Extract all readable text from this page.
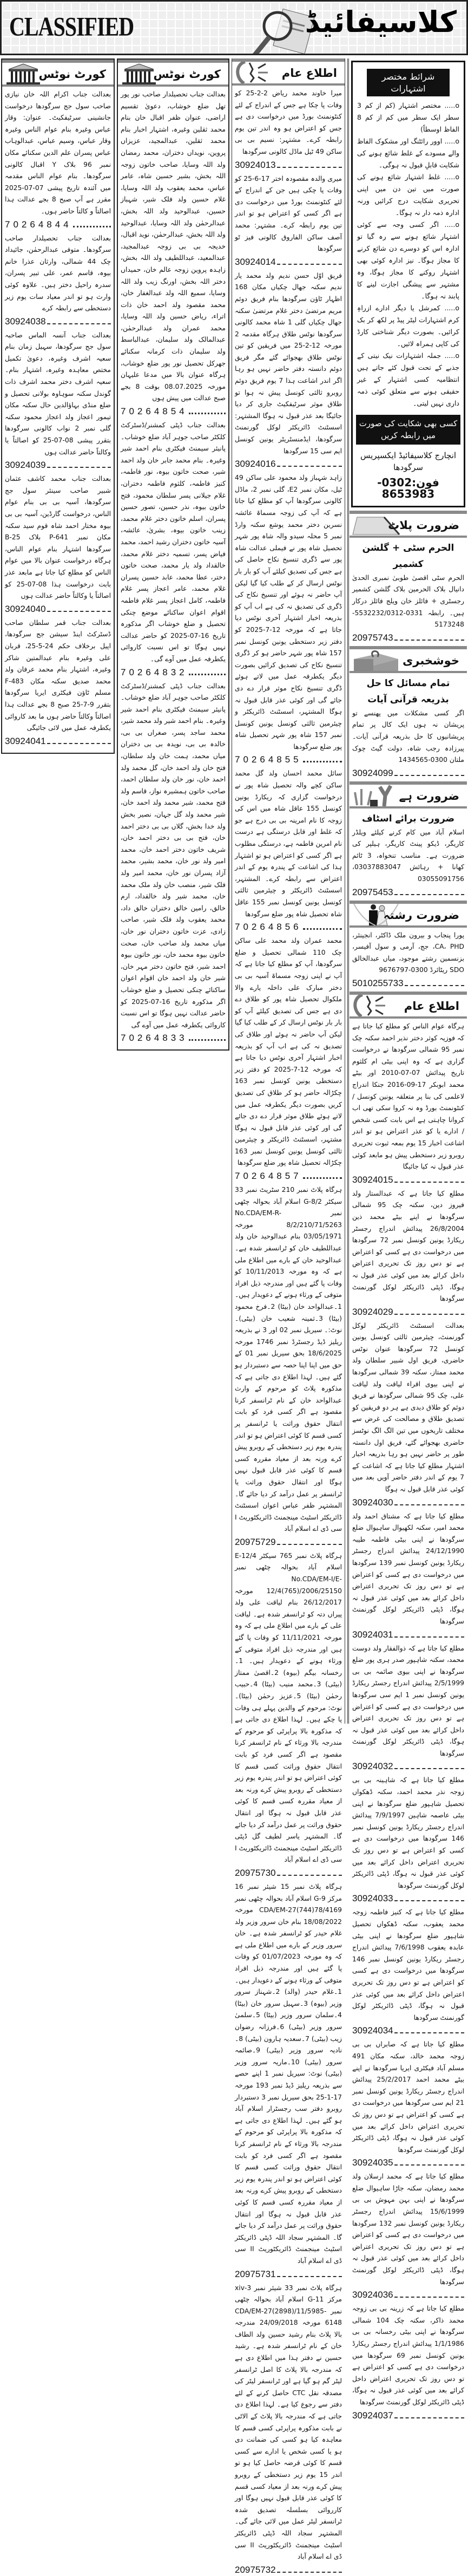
CLASSIFIED	کلاسیفائیڈ
کورٹ نوٹس

بعدالت جناب اکرام اللہ خان نیازی صاحب سول جج سرگودھا درخواست جانشینی سرٹیفکیٹ۔ عنوان: وقار عباس وغیرہ بنام عوام الناس وغیرہ وقار عباس، وسیم عباس، عبدالوہاب عباس پسران علم الدین سکنائے مکان نمبر 96 بلاک Y اقبال کالونی سرگودھا۔ بنام عوام الناس مقدمہ میں آئندہ تاریخ پیشی 07-07-2025 مقرر ہے آپ صبح 8 بجے عدالت ہذا اصالتاً و کالتاً حاضر ہوں۔

70264844

بعدالت جناب تحصیلدار صاحب سرگودھا۔ متوفی عبدالرحمٰن، جائیداد چک 44 شمالی، وارثان عذرا خانم بیوہ، قاسم عمر، علی تبیر پسران، سدرہ راحیل دختر ہیں۔ علاوہ کوئی وارث ہو تو اندر معیاد سات یوم زیر دستخطی سے رابطہ کرے

30924038

بعدالت جناب آنسہ الماس صاحبہ سول جج سرگودھا، سہیل زمان بنام سعیہ اشرف وغیرہ، دعویٰ تکمیل مختص معاہدہ وغیرہ، اشتہار بنام۔ سعیہ اشرف دختر محمد اشرف ذات گوندل سکنہ سوہاوہ بولانی تحصیل و ضلع منڈی بہاؤالدین حال سکنہ مکان تیمور اعجاز ولد اعجاز محمود سکنہ گلی نمبر 2 نواب کالونی سرگودھا بتقرر پیشی 08-07-25 کو اصالتاً یا وکالتاً حاضر عدالت ہوں

30924039

بعدالت جناب محمد کاشف عثمان شبیر صاحب سینئر سول جج سرگودھا، آسیہ بی بی بنام عوام الناس، درخواست گارڈین، آسیہ بی بی بیوہ مختار احمد شاہ قوم سید سکنہ مکان نمبر P-641 بلاک B-25 سرگودھا اشتہار بنام عوام الناس، ہرگاہ درخواست عنوان بالا میں عوام الناس کو مطلع کیا جاتا ہے مابعد عذر بابت درخواست ہذا 08-07-25 کو اصالتاً یا وکالتاً حاضر عدالت ہوں

30924040

بعدالت جناب قمر سلطان صاحب ڈسٹرکٹ اینڈ سیشن جج سرگودھا، اپیل برخلاف حکم 24-5-25، قربان علی وغیرہ بنام عبدالمتین شاکر وغیرہ، اشتہار بنام محمد عرفان ولد محمد صدیق سکنہ مکان F-483 مسلم ٹاؤن فیکٹری ایریا سرگودھا بتقرر 9-7-25 صبح 8 بجے عدالت ہذا اصالتاً وکالتاً حاضر ہوں ما بعد کاروائی یکطرفہ عمل میں لائی جائیگی

30924041
کورٹ نوٹس

بعدالت جناب تحصیلدار صاحب نور پور تھل ضلع خوشاب، دعویٰ تقسیم اراضی، عنوان ظفر اقبال خان بنام محمد ثقلین وغیرہ، اشتہار اخبار بنام محمد ثقلین، عبدالمجید، عزیزاں پروین، نویداں دختران، محمد رمضان ولد اللہ وسایا، صاحب خاتون زوجہ اللہ بخش، بشیر حسین شاہ، عامر عباس، محمد یعقوب ولد اللہ وسایا، غلام حسین ولد فلک شیر، شہباز حسین، عبدالوحید ولد اللہ بخش، عبدالرحمٰن ولد اللہ وسایا، عبدالوحید ولد اللہ بخش، عبدالرحمٰن، نوید اقبال، خدیجہ بی بی زوجہ عبدالمجید، عبدالمعید، عبداللطیف ولد اللہ بخش، زاہدہ پروین زوجہ عالم خان، حمیداں دختر اللہ بخش، اورنگ زیب ولد اللہ وسایا، سمیع اللہ ولد عبدالغفار خان، محمد مقصود ولد احمد خان ذات اتراء، ریاض حسین ولد اللہ وسایا، محمد عمران ولد عبدالرحمٰن، عبدالمالک ولد سلیمان، عبدالباسط ولد سلیمان ذات کرمانہ سکنائے جھرکل تحصیل نور پور ضلع خوشاب، ہرگاہ عنوان بالا میں مدعا علیہان مورخہ 08.07.2025 بوقت 8 بجے صبح عدالت میں پیش ہوں

70264854

بعدالت جناب ڈپٹی کمشنر/ڈسٹرکٹ کلکٹر صاحب جوہر آباد ضلع خوشاب۔ پانیئر سیمنٹ فیکٹری بنام احمد شیر وغیرہ۔ بنام محمد جابر خان ولد احمد شیر، صحت خاتون بیوہ، نور فاطمہ، کنیز فاطمہ، کلثوم فاطمہ دختران، غلام جیلانی پسر سلطان محمود، فتح خاتون بیوہ، نذر حسین، تصور حسین پسران، اسلم خاتون دختر غلام محمد، زینب خاتون بیوہ، بشریٰ، عائشہ، آسیہ خاتون دختران رشید احمد، محمد فیاض پسر، تسمیہ دختر غلام محمد، خالقداد ولد یار محمد، صحت خاتون دختر، عطا محمد، عابد حسین پسران غلام محمد، عامر اعجاز پسر غلام فاطمہ، کامل اعجاز پسر غلام فاطمہ اقوام اعوان ساکنائے موضع چنکی تحصیل و ضلع خوشاب اگر مذکورہ تاریخ 16-07-2025 کو حاضر عدالت نہیں ہوگا تو اس نسبت کاروائی یکطرفہ عمل میں آوے گی۔

70264832

بعدالت جناب ڈپٹی کمشنر/ڈسٹرکٹ کلکٹر صاحب جوہر آباد ضلع خوشاب۔ پانیئر سیمنٹ فیکٹری بنام احمد شیر وغیرہ۔ بنام احمد شیر ولد محمد شیر، محمد ساجد پسر، صغراں بی بی، خالدہ بی بی، نویدہ بی بی دختران میاں محمد، ہمت خان ولد سلطان، فتح خان ولد احمد خان، گل محمد ولد احمد خان، نور خان ولد سلطان احمد، صاحب خاتون ہمشیرہ نواز، قاسم ولد فتح محمد، شیر محمد ولد احمد خان، شیر محمد ولد گل جہان، نصیر بخش ولد خدا بخش، گلاں بی بی دختر احمد خان، فتح بی بی دختر احمد خان، شریف خاتون دختر احمد خان، محمد امیر ولد نور خان، محمد بشیر، محمد آزاد پسران نور خان، محمد امیر ولد فلک شیر، منصب خان ولد ملک محمد خان، محمد شیر ولد خالقداد، ارم خالق، رامین خالق دختران خالق داد، محمد یعقوب ولد فلک شیر، صاحب زادی، عزت خاتون دختران نور خان، میاں محمد ولد صاحب خان، صحت خاتون بیوہ محمد خان، نور خاتون بیوہ احمد شیر، فتح خاتون دختر مہر خان، شیر خان ولد احمد خان اقوام اعوان ساکنائے چنکی تحصیل و ضلع خوشاب اگر مذکورہ تاریخ 16-07-2025 کو حاضر عدالت نہیں ہوگا تو اس نسبت کاروائی یکطرفہ عمل میں آوے گی

70264833
اطلاع عام

میرا خاوند محمد ریاض 2-2-25 کو وفات پا چکا ہے جس کے اندراج کے لئے کنٹونمنٹ بورڈ میں درخواست دی ہے جس کو اعتراض ہو وہ اندر تین یوم رابطہ کرے۔ مشتہر: نسیم بی بی ساکن 49 ٹیل ماڈل کالونی سرگودھا

30924013

میری والدہ مقصودہ اختر 17-6-25 کو وفات پا چکی ہیں جن کے اندراج کے لئے کنٹونمنٹ بورڈ میں درخواست دی ہے اگر کسی کو اعتراض ہو تو اندر تین یوم رابطہ کرے۔ مشتہر: محمد آصف ساکن الفاروق کالونی فیز ٹو سرگودھا

30924014

فریق اوّل حسن ندیم ولد محمد یار ندیم سکنہ جھال چکیاں مکان 168 اظہار ٹاؤن سرگودھا بنام فریق دوئم مریم مرتضیٰ دختر غلام مرتضیٰ سکنہ جھال چکیاں گلی 1 شاہ محمد کالونی سرگودھا نوٹس طلاق ہرگاہ مقدمہ 2 مورخہ 12-2-25 میں فریقین کو تین نوٹس طلاق بھجوائے گئے مگر فریق دوئم دانستہ دفتر حاضر نہیں ہو رہا اگر اندر اشاعت ہذا 7 یوم فریق دوئم روبرو ثالثی کونسل پیش نہ ہوا تو طلاق موثر سرٹیفکیٹ جاری کر دیا جائیگا بعد عذر قبول نہ ہوگا المشتہر: اسسٹنٹ ڈائریکٹر لوکل گورنمنٹ سرگودھا، ایڈمنسٹریٹر یونین کونسل ایم سی 15 سرگودھا

30924016

زاہد شہباز ولد محمود علی ساکن 49 ٹیل، مکان نمبر E2، گلی نمبر 2، ماڈل کالونی سرگودھا آپ کو مطلع کیا جاتا ہے کہ آپ کی زوجہ مسماۃ عائشہ نسرین دختر محمد یوشع سکنہ وارڈ نمبر 5 محلہ سیدو والہ شاہ پور شہر تحصیل شاہ پور نے فیملی عدالت شاہ پور سے ڈگری تنسیخ نکاح حاصل کی ہے جس کی تصدیق کیلئے آپ کو بار بار نوٹس ارسال کر کے طلب کیا گیا لیکن آپ حاضر نہ ہوئے اور تنسیخ نکاح کی ڈگری کی تصدیق نہ کی ہے اب آپ کو بذریعہ اخبار اشتہار آخری نوٹس دیا جاتا ہے کہ مورخہ 12-7-2025 کو دفتر زیر دستخطی یونین کونسل نمبر 157 شاہ پور شہر حاضر ہو کر ڈگری تنسیخ نکاح کی تصدیق کرائیں بصورت دیگر یکطرفہ عمل میں لاتے ہوئے ڈگری تنسیخ نکاح موثر قرار دے دی جائے گی اور کوئی عذر قابل قبول نہ ہوگا المشتہر، اسسٹنٹ ڈائریکٹر و چیئرمین ثالثی کونسل یونین کونسل نمبر 157 شاہ پور شہر تحصیل شاہ پور ضلع سرگودھا

70264855

سائل محمد احسان ولد گل محمد ساکن کچے والہ تحصیل شاہ پور نے درخواست گزاری کہ ریکارڈ یونین کونسل 155 عاقل شاہ میں اس کی زوجہ کا نام امرینہ بی بی درج ہے جو کہ غلط اور قابل درستگی ہے درست نام امرین فاطمہ ہے، درستگی مطلوب ہے اگر کسی کو اعتراض ہو تو اشتہار ہذا کی اشاعت کے پندرہ یوم کے اندر اعتراض سے رابطہ کرے۔ المشتہر، اسسٹنٹ ڈائریکٹر و چیئرمین ثالثی کونسل یونین کونسل نمبر 155 عاقل شاہ تحصیل شاہ پور ضلع سرگودھا

70264856

محمد عمران ولد محمد علی ساکن چک 110 شمالی تحصیل و ضلع سرگودھا، آپ کو مطلع کیا جاتا ہے کہ آپ نے اپنی زوجہ مسماۃ آسیہ بی بی دختر مبارک علی داخلہ یارے والا ملکوال تحصیل شاہ پور کو طلاق دے دی ہے جس کی تصدیق کیلئے آپ کو بار بار نوٹس ارسال کر کے طلب کیا گیا لیکن آپ حاضر نہ ہوئے اور طلاق کی تصدیق نہ کی ہے اب آپ کو بذریعہ اخبار اشتہار آخری نوٹس دیا جاتا ہے کہ مورخہ 12-7-2025 کو دفتر زیر دستخطی یونین کونسل نمبر 163 چکڑالہ حاضر ہو کر طلاق کی تصدیق کریں بصورت دیگر یکطرفہ عمل میں لاتے ہوئے طلاق موثر قرار دے دی جائے گی اور کوئی عذر قابل قبول نہ ہوگا مشتہر، اسسٹنٹ ڈائریکٹر و چیئرمین ثالثی کونسل یونین کونسل نمبر 163 چکڑالہ تحصیل شاہ پور ضلع سرگودھا

70264857

ہرگاہ پلاٹ نمبر 210 سٹریٹ نمبر 33 سیکٹر G-8/2 اسلام آباد بحوالہ چٹھی نمبر No.CDA/EM-R-8/2/210/71/5263 مورخہ 03/05/1971 بنام عبدالوحید خان ولد عبداللطیف خان کو ٹرانسفر شدہ ہے۔ عبدالوحید خان کے بارے میں اطلاع ملی ہے کہ وہ مورخہ 10/11/2013 کو وفات پا گئے ہیں اور مندرجہ ذیل افراد متوفی کے ورثاء ہونے کے دعویدار ہیں۔ 1۔عبدالواحد خان (بیٹا) 2۔فرخ محمود (بیٹا) 3۔ثمینہ شعیب خان (بیٹی)۔ نوٹ:۔ سیریل نمبر 02 اور 3 نے بذریعہ ریلیز ڈیڈ رجسٹرڈ نمبر 1746 مورخہ 18/6/2025 بحق سیریل نمبر 01 کے حق میں اپنا اپنا حصہ سے دستبردار ہو گئے ہیں۔ لہذا اطلاع دی جاتی ہے کہ مذکورہ پلاٹ کو مرحوم کے وارث عبدالواحد خان کے نام ٹرانسفر کرنا مقصود ہے اگر کسی فرد کو بابت انتقال حقوق وراثت یا ٹرانسفر پر کسی قسم کا کوئی اعتراض ہو تو اندر پندرہ یوم زیر دستخطی کے روبرو پیش کرے ورنہ بعد از معیاد مقررہ کسی قسم کا کوئی عذر قابل قبول نہیں ہوگا اور انتقال حقوق وراثت یا ٹرانسفر پر عمل درآمد کر دیا جائے گا۔ المشتہر ظفر عباس اعوان اسسٹنٹ ڈائریکٹر اسٹیٹ مینجمنٹ ڈائریکٹوریٹ I سی ڈی اے اسلام آباد

20975729

ہرگاہ پلاٹ نمبر 765 سیکٹر E-12/4 اسلام آباد بحوالہ چٹھی نمبر No.CDA/EM-I/E-12/4(765)/2006/25150 مورخہ 26/12/2017 بنام لیاقت علی ولد پیراں دتہ کو ٹرانسفر شدہ ہے۔ لیاقت علی کے بارے میں اطلاع ملی ہے کہ وہ مورخہ 11/11/2021 کو وفات پا گئے ہیں اور مندرجہ ذیل افراد متوفی کے ورثاء ہونے کے دعویدار ہیں۔ 1۔رخسانہ بیگم (بیوہ) 2۔اقصیٰ ممتاز (بیٹی) 3۔محمد منیب (بیٹا) 4۔حبیب رحمٰن (بیٹا) 5۔عزیز رحمٰن (بیٹا)۔ نوٹ: مرحوم کے والدین پہلے ہی وفات پا چکے ہیں۔ لہذا اطلاع دی جاتی ہے کہ مذکورہ بالا پراپرٹی کو مرحوم کے مندرجہ بالا ورثاء کے نام ٹرانسفر کرنا مقصود ہے اگر کسی فرد کو بابت انتقال حقوق وراثت کسی قسم کا کوئی اعتراض ہو تو اندر پندرہ یوم زیر دستخطی کے روبرو پیش کرے ورنہ بعد از معیاد مقررہ کسی قسم کا کوئی عذر قابل قبول نہ ہوگا اور انتقال حقوق وراثت پر عمل درآمد کر دیا جائے گا۔ المشتہر یاسر لطیف گل ڈپٹی ڈائریکٹر اسٹیٹ مینجمنٹ ڈائریکٹوریٹ I سی ڈی اے اسلام آباد

20975730

ہرگاہ پلاٹ نمبر 15 شیئر نمبر 16 مرکز G-9 اسلام آباد بحوالہ چٹھی نمبر CDA/EM-27(744)78/4169 مورخہ 18/08/2022 بنام خان سرور وزیر ولد غلام حیدر کو ٹرانسفر شدہ ہے۔ خان سرور وزیر کے بارے میں اطلاع ملی ہے کہ وہ مورخہ 01/07/2023 کو وفات پا گئے ہیں اور مندرجہ ذیل افراد متوفی کے ورثاء ہونے کے دعویدار ہیں۔ 1۔غلام حیدر (والد) 2۔شہناز سرور وزیر (بیوہ) 3۔سہیل سرور خان (بیٹا) 4۔سلمان سرور وزیر (بیٹا) 5۔سلمیٰ سرور وزیر (بیٹی) 6۔فرزانہ رضوان زیب (بیٹی) 7۔سعدیہ ہارون (بیٹی) 8۔نادیہ سرور وزیر (بیٹی) 9۔صائمہ سرور (بیٹی) 10۔ماریہ سرور وزیر (بیٹی) نوٹ: سیریل نمبر 1 اپنے حصے سے بذریعہ ریلیز ڈیڈ نمبر 193 مورخہ 17-1-25 بحق سیریل نمبر 3 دستبردار روبرو دفتر سب رجسٹرار اسلام آباد ہو گئے ہیں۔ لہذا اطلاع دی جاتی ہے کہ مذکورہ بالا پراپرٹی کو مرحوم کے مندرجہ بالا ورثاء کے نام ٹرانسفر کرنا مقصود ہے اگر کسی فرد کو بابت انتقال حقوق وراثت کسی قسم کا کوئی اعتراض ہو تو اندر پندرہ یوم زیر دستخطی کے روبرو پیش کرے ورنہ بعد از معیاد مقررہ کسی قسم کا کوئی عذر قابل قبول نہ ہوگا اور انتقال حقوق وراثت پر عمل درآمد کر دیا جائے گا۔ المشتہر سجاد اللہ ڈپٹی ڈائریکٹر اسٹیٹ مینجمنٹ ڈائریکٹوریٹ II سی ڈی اے اسلام آباد

20975731

ہرگاہ پلاٹ نمبر 33 شیئر نمبر 3-xiv مرکز G-11 اسلام آباد بحوالہ چٹھی نمبر CDA/EM-27(2898)/11/5985-6148 مورخہ 24/09/2018 مندرجہ بالا پلاٹ بنام رشید حسین ولد الطاف خان کے نام ٹرانسفر شدہ ہے۔ رشید حسین نے دفتر ہذا میں اطلاع دی ہے کہ مندرجہ بالا پلاٹ کا اصل ٹرانسفر لیٹر گم ہو گیا ہے اور ٹرانسفر لیٹر کی مصدقہ نقل CTC حاصل کرنے کے لئے دفتر سے رجوع کیا ہے۔ لہذا اطلاع دی جاتی ہے کہ مندرجہ بالا پلاٹ کے الاٹی نے بابت مذکورہ پراپرٹی کسی قسم کا معاہدہ کیا ہو کسی کی ضمانت دی ہو یا کسی شخص یا ادارے سے کسی قسم کا کوئی قرضہ حاصل کیا ہو تو اندر 15 یوم زیر دستخطی کے روبرو پیش کرے ورنہ بعد از معیاد کسی قسم کا کوئی عذر قابل قبول نہیں ہوگا اور کارروائی بسلسلہ تصدیق شدہ ٹرانسفر لیٹر عمل میں لائی جائے گی۔ المشتہر سجاد اللہ ڈپٹی ڈائریکٹر اسٹیٹ مینجمنٹ ڈائریکٹوریٹ II سی ڈی اے اسلام آباد

20975732
شرائط مختصر اشتہارات
o..... مختصر اشتہار (کم از کم 3 سطر ایک سطر میں کم از کم 8 الفاظ اوسطاً)
o..... اوور رائٹنگ اور مشکوک الفاظ والے مسودے کے غلط شائع ہونے کی شکایت قابلِ قبول نہ ہوگی۔
o..... غلط اشتہار شائع ہونے کی صورت میں تین دن میں اپنی تحریری شکایت درج کرائیں ورنہ ادارہ ذمہ دار نہ ہوگا۔
o..... اگر کسی وجہ سے کوئی اشتہار شائع ہونے سے رہ گیا تو ادارہ اس کو دوسرے دن شائع کرنے کا مجاز ہوگا۔ نیز ادارہ کوئی بھی اشتہار روکنے کا مجاز ہوگا، وہ مشتہر سے پیشگی اجازت لینے کا پابند نہ ہوگا۔
o..... کمرشل یا دیگر ادارے ازراہِ کرم اشتہارات لیٹر پیڈ پر لکھ کر بک کرائیں۔ بصورت دیگر شناختی کارڈ کی کاپی ہمراہ لائیں۔
o..... جملہ اشتہارات نیک نیتی کے جذبے کے تحت قبول کئے جاتے ہیں انتظامیہ کسی اشتہار کے غیر حقیقی ہونے سے متعلق کوئی ذمہ داری نہیں لیتی۔
کسی بھی شکایت کی صورت میں رابطہ کریں
انچارج کلاسیفائیڈ ایکسپریس سرگودھا
فون:0302-8653983
ضرورت پلاٹ
الحرم سٹی + گلشن کشمیر

الحرم سٹی اقصیٰ طوبیٰ نمبری الحدیٰ دانیال بلاک الحرمین بلاک گلشن کشمیر رجسٹری + فائلز خان ویلج فائلز درکار ہیں۔ رابطہ 0331-5532232/0312-5173248

20975743
خوشخبری
تمام مسائل کا حل بذریعہ قرآنی آیات

اگر کسی مشکلات میں پھنسے تو پریشان نہ ہوں ایک کال پر تمام پریشانیوں کا حل بذریعہ قرآنی آیات۔ پیرزادہ رجب شاہ، دولت گیٹ چوک ملتان 0300-1434565

30924099
ضرورت ہے
ضرورت برائے اسٹاف

اسلام آباد میں کام کرنے کیلئے ویلڈر کاریگر، ڈیکو پینٹ کاریگر، ہیلپر کی ضرورت ہے۔ مناسب تنخواہ، 3 ٹائم کھانا + رہائش 03037883047، 03055091756

20975453
ضرورت رشتہ

پورا پنجاب و بیرون ملک ڈاکٹر، انجینئر، CA، PHD، جج، آرمی و سول آفیسر، بزنسمین رشتے موجود، میاں عبدالخالق SDO ریٹائرڈ 0300-9676797

5010255733
اطلاع عام

ہرگاہ عوام الناس کو مطلع کیا جاتا ہے کہ فوزیہ کوثر دختر نذیر احمد سکنہ چک نمبر 95 شمالی سرگودھا نے درخواست گزاری ہے کہ وہ اپنی بیٹی ام کلثوم تاریخ پیدائش 07-07-2010 اور بیٹے محمد ابوبکر 17-09-2016 جنکا اندراج لاعلمی کی بنا پر متعلقہ یونین کونسل / کنٹونمنٹ بورڈ وہ نہ کروا سکی تھی اب کروانا چاہتی ہے اس بابت کسی شخص / ادارے یا کو عذر اعتراض ہو تو اندر اشاعت اخبار 15 یوم بمعہ ثبوت تحریری روبرو زیر دستخطی پیش ہو مابعد کوئی عذر قبول نہ کیا جائیگا

30924015

مطلع کیا جاتا ہے کہ عبدالستار ولد فیروز دین، سکنہ چک 95 شمالی سرگودھا نے اپنے بیٹے محمد ذین 26/8/2004 پیدائش اندراج رجسٹر ریکارڈ یونین کونسل نمبر 72 سرگودھا میں درخواست دی ہے کسی کو اعتراض ہے تو دس روز تک تحریری اعتراض داخل کرائے بعد میں کوئی عذر قبول نہ ہوگا، ڈپٹی ڈائریکٹر لوکل گورنمنٹ سرگودھا

30924029

بعدالت اسسٹنٹ ڈائریکٹر لوکل گورنمنٹ، چیئرمین ثالثی کونسل یونین کونسل 72 سرگودھا عنوان نوٹس حاضری، فریق اول شبیر سلطان ولد محمد ممتاز، سکنہ 39 شمالی سرگودھا نے اپنی بیوی اقراء لیاقت ولد لیاقت علی، چک 95 شمالی سرگودھا نے فریق دوئم کو طلاق دیدی ہے ہر دو فریقین کو تصدیق طلاق و مصالحت کی غرض سے مختلف تاریخوں میں تین الگ الگ نوٹسز حاضری بھجوائے گئے، فریق اول دانستہ طور پر حاضر نہیں ہو رہا بذریعہ اخبار اشتہار مطلع کیا جاتا ہے کہ اشاعت کے 7 یوم کے اندر دفتر حاضر آویں بعد میں کوئی عذر قابل قبول نہ ہوگا

30924030

مطلع کیا جاتا ہے کہ مشتاق احمد ولد محمد امیر، سکنہ لکھیوال ساہیوال ضلع سرگودھا نے اپنی بیٹی فاطمہ طیبہ 24/12/1990 پیدائش اندراج رجسٹر ریکارڈ یونین کونسل نمبر 139 سرگودھا میں درخواست دی ہے کسی کو اعتراض ہے تو دس روز تک تحریری اعتراض داخل کرائے بعد میں کوئی عذر قبول نہ ہوگا، ڈپٹی ڈائریکٹر لوکل گورنمنٹ سرگودھا

30924031

مطلع کیا جاتا ہے کہ ذوالفقار ولد دوست محمد، سکنہ شاہپور صدر ہری پور ضلع سرگودھا نے اپنی بیوی صائمہ بی بی 2/5/1999 پیدائش اندراج رجسٹر ریکارڈ یونین کونسل نمبر 1 ایم سی سرگودھا میں درخواست دی ہے کسی کو اعتراض ہے تو دس روز تک تحریری اعتراض داخل کرائے بعد میں کوئی عذر قبول نہ ہوگا، ڈپٹی ڈائریکٹر لوکل گورنمنٹ سرگودھا

30924032

مطلع کیا جاتا ہے کہ شاہینہ بی بی زوجہ نذر محمد احمد، سکنہ ڈھکواں تحصیل شاہپور ضلع سرگودھا نے اپنی بیٹی عاصمہ شاہین 7/9/1997 پیدائش اندراج رجسٹر ریکارڈ یونین کونسل نمبر 146 سرگودھا میں درخواست دی ہے کسی کو اعتراض ہے تو دس روز تک تحریری اعتراض داخل کرائے بعد میں کوئی عذر قبول نہ ہوگا، ڈپٹی ڈائریکٹر لوکل گورنمنٹ سرگودھا

30924033

مطلع کیا جاتا ہے کہ کنیز فاطمہ زوجہ محمد یعقوب، سکنہ ڈھکواں تحصیل شاہپور ضلع سرگودھا نے اپنی بیٹی عابدہ یعقوب 7/6/1998 پیدائش اندراج رجسٹر ریکارڈ یونین کونسل نمبر 146 سرگودھا میں درخواست دی ہے کسی کو اعتراض ہے تو دس روز تک تحریری اعتراض داخل کرائے بعد میں کوئی عذر قبول نہ ہوگا، ڈپٹی ڈائریکٹر لوکل گورنمنٹ سرگودھا

30924034

مطلع کیا جاتا ہے کہ صابراں بی بی زوجہ محمد خالد، سکنہ مکان 491 مسلم آباد فیکٹری ایریا سرگودھا نے اپنے بیٹے محمد احمد 25/2/2017 پیدائش اندراج رجسٹر ریکارڈ یونین کونسل نمبر 21 ایم سی سرگودھا میں درخواست دی ہے کسی کو اعتراض ہے تو دس روز تک تحریری اعتراض داخل کرائے بعد میں کوئی عذر قبول نہ ہوگا، ڈپٹی ڈائریکٹر لوکل گورنمنٹ سرگودھا

30924035

مطلع کیا جاتا ہے کہ محمد ارسلان ولد محمد رمضان، سکنہ جاڑا ساہیوال ضلع سرگودھا نے اپنی بہن مہوش بی بی 15/6/1999 پیدائش اندراج رجسٹر ریکارڈ یونین کونسل نمبر 132 سرگودھا میں درخواست دی ہے کسی کو اعتراض ہے تو دس روز تک تحریری اعتراض داخل کرائے بعد میں کوئی عذر قبول نہ ہوگا، ڈپٹی ڈائریکٹر لوکل گورنمنٹ سرگودھا

30924036

مطلع کیا جاتا ہے کہ زرینہ بی بی زوجہ محمد ذاکر، سکنہ چک 104 شمالی سرگودھا نے اپنی بیٹی رخسانہ بی بی 1/1/1986 پیدائش اندراج رجسٹر ریکارڈ یونین کونسل نمبر 69 سرگودھا میں درخواست دی ہے کسی کو اعتراض ہے تو دس روز تک تحریری اعتراض داخل کرائے بعد میں کوئی عذر قبول نہ ہوگا، ڈپٹی ڈائریکٹر لوکل گورنمنٹ سرگودھا

30924037
